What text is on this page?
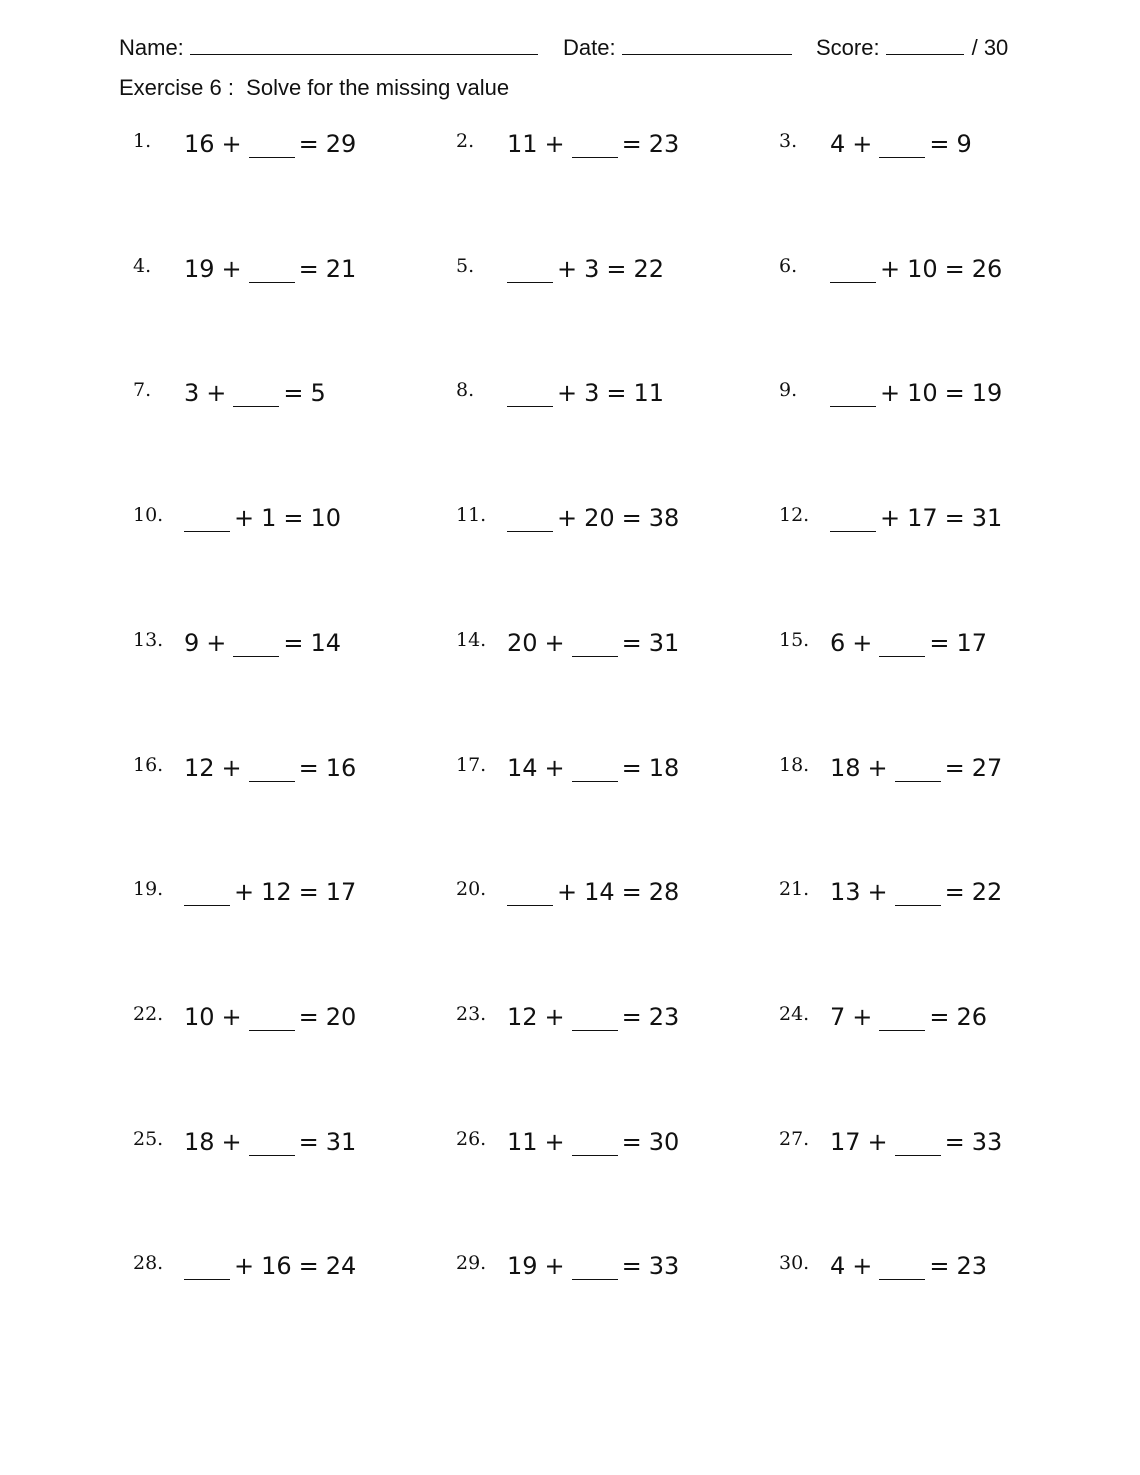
Name:	Date:	Score:	/ 30
Exercise 6 :  Solve for the missing value
1. 16 + = 29	2. 11 + = 23	3. 4 + = 9
4. 19 + = 21	5.	+ 3 = 22	6.	+ 10 = 26
7. 3 + = 5	8.	+ 3 = 11	9.	+ 10 = 19
10.	+ 1 = 10	11.	+ 20 = 38	12.	+ 17 = 31
13. 9 + = 14	14. 20 + = 31	15. 6 + = 17
16. 12 + = 16	17. 14 + = 18	18. 18 + = 27
19.	+ 12 = 17	20.	+ 14 = 28	21. 13 + = 22
22. 10 + = 20	23. 12 + = 23	24. 7 + = 26
25. 18 + = 31	26. 11 + = 30	27. 17 + = 33
28.	+ 16 = 24	29. 19 + = 33	30. 4 + = 23
